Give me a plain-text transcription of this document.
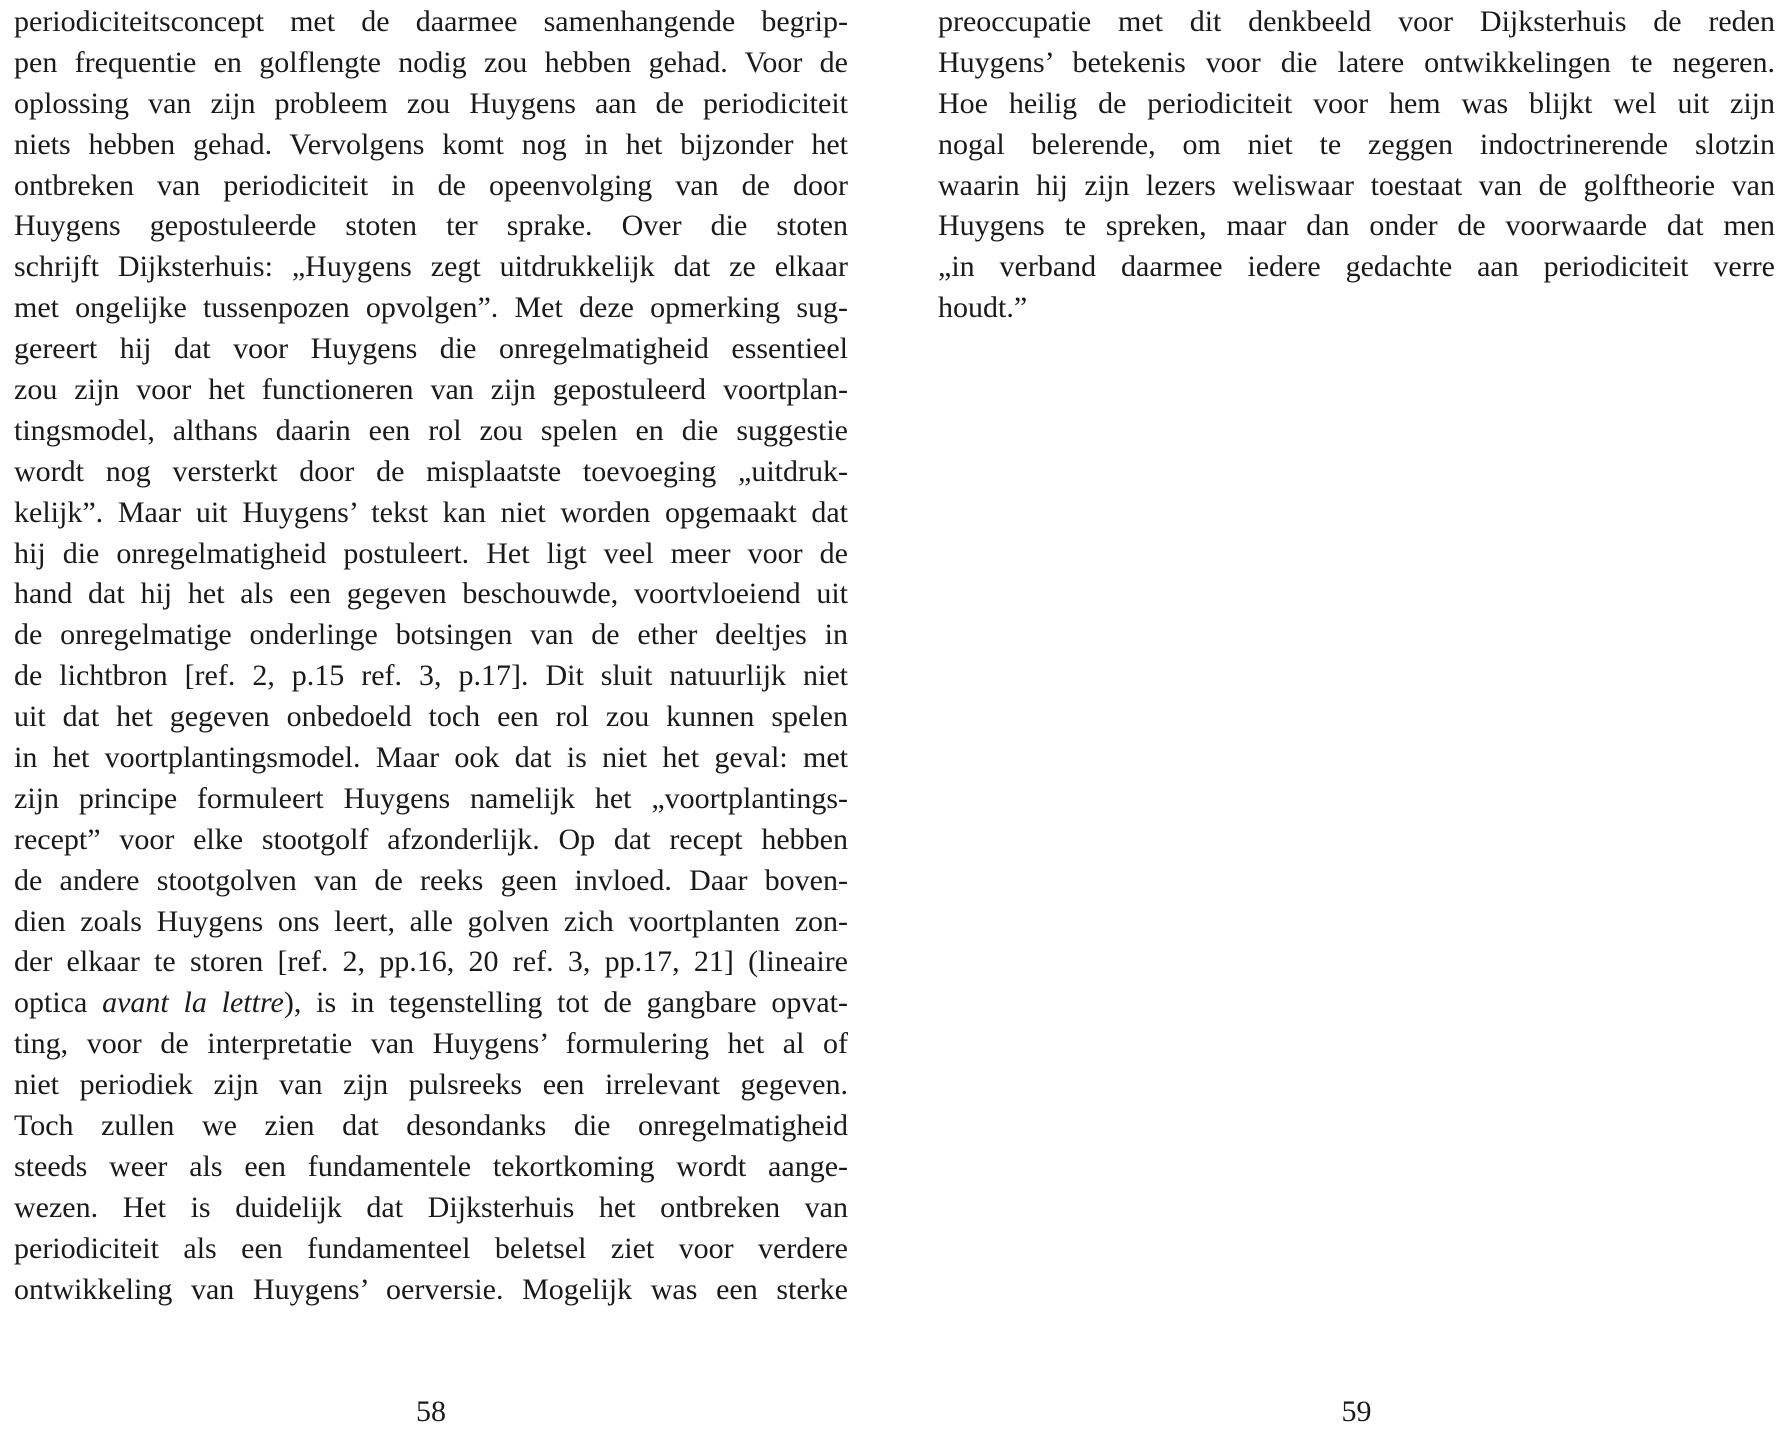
periodiciteitsconcept met de daarmee samenhangende begrip-
pen frequentie en golflengte nodig zou hebben gehad. Voor de
oplossing van zijn probleem zou Huygens aan de periodiciteit
niets hebben gehad. Vervolgens komt nog in het bijzonder het
ontbreken van periodiciteit in de opeenvolging van de door
Huygens gepostuleerde stoten ter sprake. Over die stoten
schrijft Dijksterhuis: „Huygens zegt uitdrukkelijk dat ze elkaar
met ongelijke tussenpozen opvolgen”. Met deze opmerking sug-
gereert hij dat voor Huygens die onregelmatigheid essentieel
zou zijn voor het functioneren van zijn gepostuleerd voortplan-
tingsmodel, althans daarin een rol zou spelen en die suggestie
wordt nog versterkt door de misplaatste toevoeging „uitdruk-
kelijk”. Maar uit Huygens’ tekst kan niet worden opgemaakt dat
hij die onregelmatigheid postuleert. Het ligt veel meer voor de
hand dat hij het als een gegeven beschouwde, voortvloeiend uit
de onregelmatige onderlinge botsingen van de ether deeltjes in
de lichtbron [ref. 2, p.15 ref. 3, p.17]. Dit sluit natuurlijk niet
uit dat het gegeven onbedoeld toch een rol zou kunnen spelen
in het voortplantingsmodel. Maar ook dat is niet het geval: met
zijn principe formuleert Huygens namelijk het „voortplantings-
recept” voor elke stootgolf afzonderlijk. Op dat recept hebben
de andere stootgolven van de reeks geen invloed. Daar boven-
dien zoals Huygens ons leert, alle golven zich voortplanten zon-
der elkaar te storen [ref. 2, pp.16, 20 ref. 3, pp.17, 21] (lineaire
optica avant la lettre), is in tegenstelling tot de gangbare opvat-
ting, voor de interpretatie van Huygens’ formulering het al of
niet periodiek zijn van zijn pulsreeks een irrelevant gegeven.
Toch zullen we zien dat desondanks die onregelmatigheid
steeds weer als een fundamentele tekortkoming wordt aange-
wezen. Het is duidelijk dat Dijksterhuis het ontbreken van
periodiciteit als een fundamenteel beletsel ziet voor verdere
ontwikkeling van Huygens’ oerversie. Mogelijk was een sterke
preoccupatie met dit denkbeeld voor Dijksterhuis de reden
Huygens’ betekenis voor die latere ontwikkelingen te negeren.
Hoe heilig de periodiciteit voor hem was blijkt wel uit zijn
nogal belerende, om niet te zeggen indoctrinerende slotzin
waarin hij zijn lezers weliswaar toestaat van de golftheorie van
Huygens te spreken, maar dan onder de voorwaarde dat men
„in verband daarmee iedere gedachte aan periodiciteit verre
houdt.”
58	59
